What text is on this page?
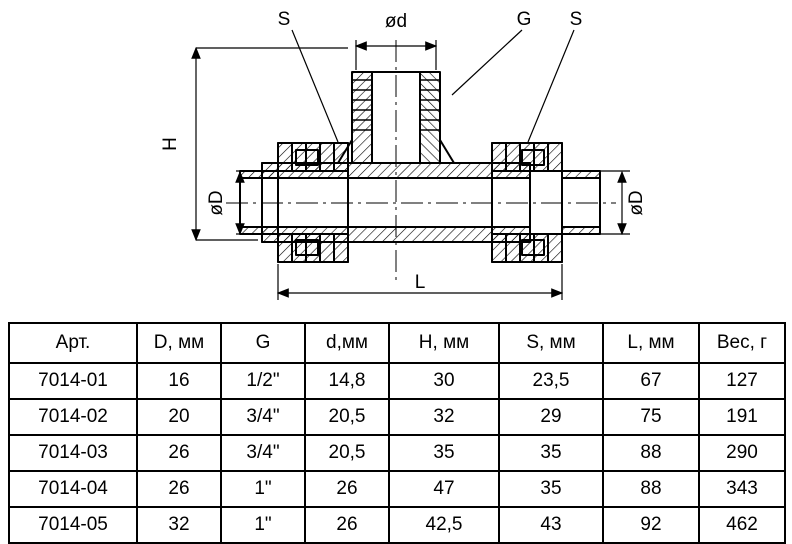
S	ød	G S
H
øD	øD
L
Арт.	D, мм	G	d,мм	H, мм	S, мм	L, мм	Вес, г
7014-01	16	1/2"	14,8	30	23,5	67	127
7014-02	20	3/4"	20,5	32	29	75	191
7014-03	26	3/4"	20,5	35	35	88	290
7014-04	26	1"	26	47	35	88	343
7014-05	32	1"	26	42,5	43	92	462
